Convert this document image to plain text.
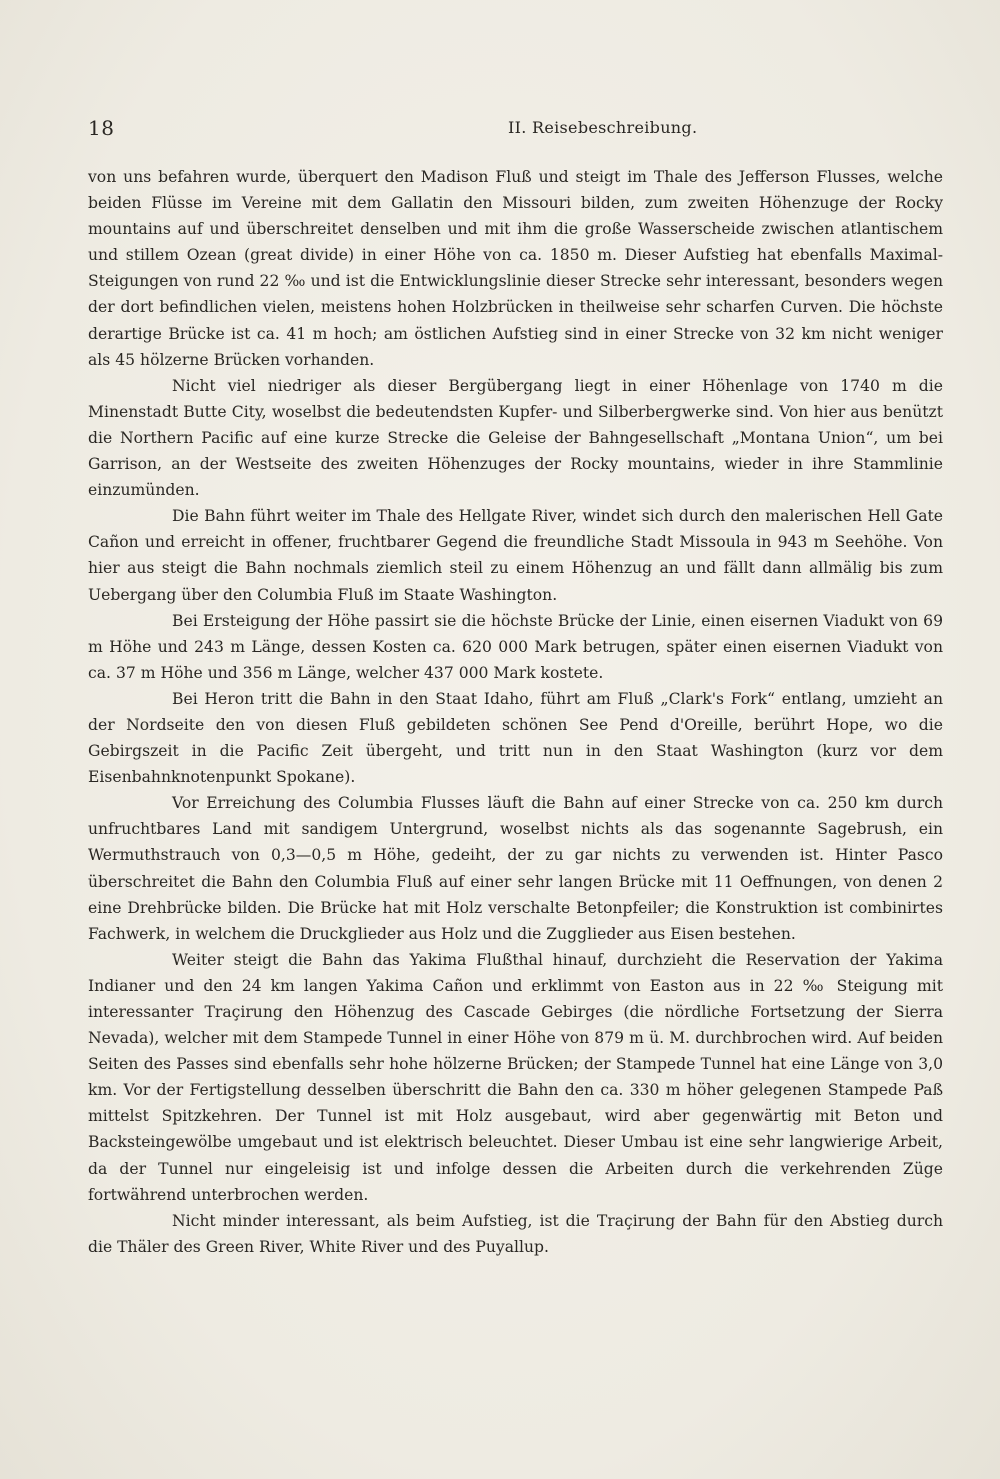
18	II. Reisebeschreibung.

von uns befahren wurde, überquert den Madison Fluß und steigt im Thale des Jefferson Flusses, welche beiden Flüsse im Vereine mit dem Gallatin den Missouri bilden, zum zweiten Höhenzuge der Rocky mountains auf und überschreitet denselben und mit ihm die große Wasserscheide zwischen atlantischem und stillem Ozean (great divide) in einer Höhe von ca. 1850 m. Dieser Aufstieg hat ebenfalls Maximal-Steigungen von rund 22 ‰ und ist die Entwicklungslinie dieser Strecke sehr interessant, besonders wegen der dort befindlichen vielen, meistens hohen Holzbrücken in theilweise sehr scharfen Curven. Die höchste derartige Brücke ist ca. 41 m hoch; am östlichen Aufstieg sind in einer Strecke von 32 km nicht weniger als 45 hölzerne Brücken vorhanden.

Nicht viel niedriger als dieser Bergübergang liegt in einer Höhenlage von 1740 m die Minenstadt Butte City, woselbst die bedeutendsten Kupfer- und Silberbergwerke sind. Von hier aus benützt die Northern Pacific auf eine kurze Strecke die Geleise der Bahngesellschaft „Montana Union“, um bei Garrison, an der Westseite des zweiten Höhenzuges der Rocky mountains, wieder in ihre Stammlinie einzumünden.

Die Bahn führt weiter im Thale des Hellgate River, windet sich durch den malerischen Hell Gate Cañon und erreicht in offener, fruchtbarer Gegend die freundliche Stadt Missoula in 943 m Seehöhe. Von hier aus steigt die Bahn nochmals ziemlich steil zu einem Höhenzug an und fällt dann allmälig bis zum Uebergang über den Columbia Fluß im Staate Washington.

Bei Ersteigung der Höhe passirt sie die höchste Brücke der Linie, einen eisernen Viadukt von 69 m Höhe und 243 m Länge, dessen Kosten ca. 620 000 Mark betrugen, später einen eisernen Viadukt von ca. 37 m Höhe und 356 m Länge, welcher 437 000 Mark kostete.

Bei Heron tritt die Bahn in den Staat Idaho, führt am Fluß „Clark's Fork“ entlang, umzieht an der Nordseite den von diesen Fluß gebildeten schönen See Pend d'Oreille, berührt Hope, wo die Gebirgszeit in die Pacific Zeit übergeht, und tritt nun in den Staat Washington (kurz vor dem Eisenbahnknotenpunkt Spokane).

Vor Erreichung des Columbia Flusses läuft die Bahn auf einer Strecke von ca. 250 km durch unfruchtbares Land mit sandigem Untergrund, woselbst nichts als das sogenannte Sagebrush, ein Wermuthstrauch von 0,3—0,5 m Höhe, gedeiht, der zu gar nichts zu verwenden ist. Hinter Pasco überschreitet die Bahn den Columbia Fluß auf einer sehr langen Brücke mit 11 Oeffnungen, von denen 2 eine Drehbrücke bilden. Die Brücke hat mit Holz verschalte Betonpfeiler; die Konstruktion ist combinirtes Fachwerk, in welchem die Druckglieder aus Holz und die Zugglieder aus Eisen bestehen.

Weiter steigt die Bahn das Yakima Flußthal hinauf, durchzieht die Reservation der Yakima Indianer und den 24 km langen Yakima Cañon und erklimmt von Easton aus in 22 ‰ Steigung mit interessanter Traçirung den Höhenzug des Cascade Gebirges (die nördliche Fortsetzung der Sierra Nevada), welcher mit dem Stampede Tunnel in einer Höhe von 879 m ü. M. durchbrochen wird. Auf beiden Seiten des Passes sind ebenfalls sehr hohe hölzerne Brücken; der Stampede Tunnel hat eine Länge von 3,0 km. Vor der Fertigstellung desselben überschritt die Bahn den ca. 330 m höher gelegenen Stampede Paß mittelst Spitzkehren. Der Tunnel ist mit Holz ausgebaut, wird aber gegenwärtig mit Beton und Backsteingewölbe umgebaut und ist elektrisch beleuchtet. Dieser Umbau ist eine sehr langwierige Arbeit, da der Tunnel nur eingeleisig ist und infolge dessen die Arbeiten durch die verkehrenden Züge fortwährend unterbrochen werden.

Nicht minder interessant, als beim Aufstieg, ist die Traçirung der Bahn für den Abstieg durch die Thäler des Green River, White River und des Puyallup.
